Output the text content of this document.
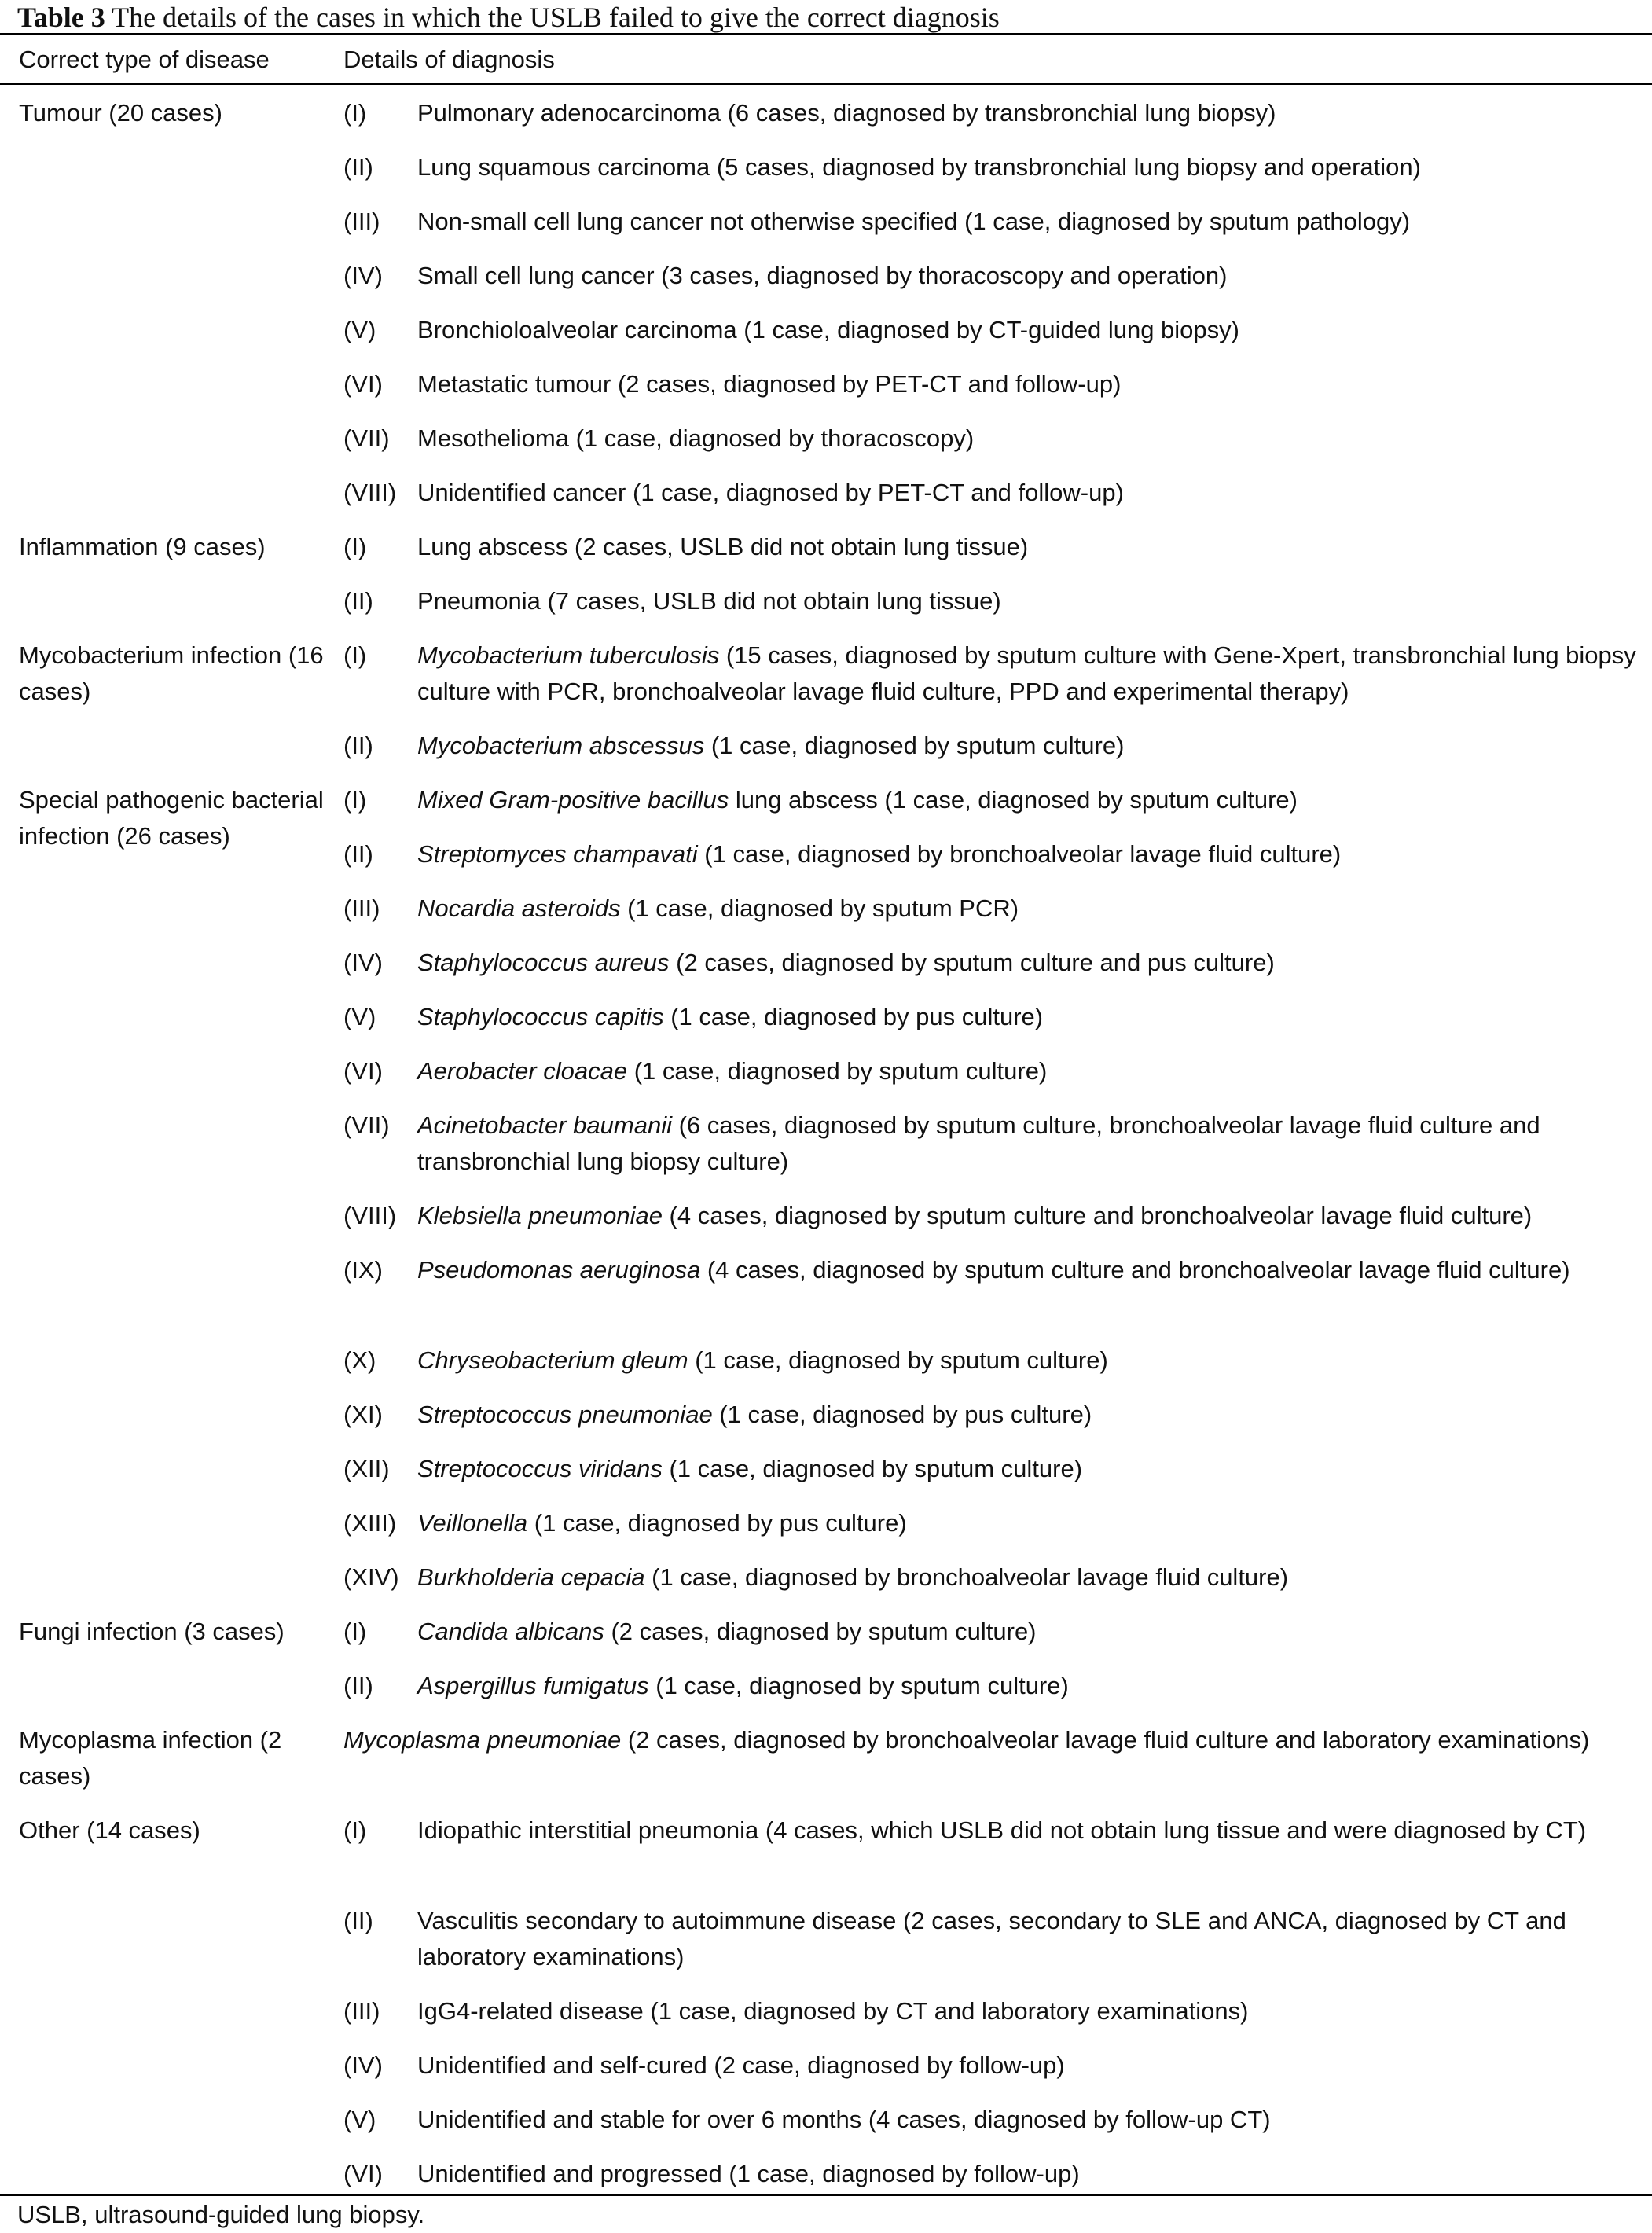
Table 3 The details of the cases in which the USLB failed to give the correct diagnosis
Correct type of disease	Details of diagnosis
Tumour (20 cases)	(I)	Pulmonary adenocarcinoma (6 cases, diagnosed by transbronchial lung biopsy)
(II)	Lung squamous carcinoma (5 cases, diagnosed by transbronchial lung biopsy and operation)
(III)	Non-small cell lung cancer not otherwise specified (1 case, diagnosed by sputum pathology)
(IV)	Small cell lung cancer (3 cases, diagnosed by thoracoscopy and operation)
(V)	Bronchioloalveolar carcinoma (1 case, diagnosed by CT-guided lung biopsy)
(VI)	Metastatic tumour (2 cases, diagnosed by PET-CT and follow-up)
(VII)	Mesothelioma (1 case, diagnosed by thoracoscopy)
(VIII) Unidentified cancer (1 case, diagnosed by PET-CT and follow-up)
Inflammation (9 cases)	(I)	Lung abscess (2 cases, USLB did not obtain lung tissue)
(II)	Pneumonia (7 cases, USLB did not obtain lung tissue)
Mycobacterium infection (16 cases)
(I)	Mycobacterium tuberculosis (15 cases, diagnosed by sputum culture with Gene-Xpert, transbronchial lung biopsy culture with PCR, bronchoalveolar lavage fluid culture, PPD and experimental therapy)
(II)	Mycobacterium abscessus (1 case, diagnosed by sputum culture)
Special pathogenic bacterial infection (26 cases)
(I)	Mixed Gram-positive bacillus lung abscess (1 case, diagnosed by sputum culture)
(II)	Streptomyces champavati (1 case, diagnosed by bronchoalveolar lavage fluid culture)
(III)	Nocardia asteroids (1 case, diagnosed by sputum PCR)
(IV)	Staphylococcus aureus (2 cases, diagnosed by sputum culture and pus culture)
(V)	Staphylococcus capitis (1 case, diagnosed by pus culture)
(VI)	Aerobacter cloacae (1 case, diagnosed by sputum culture)
(VII)	Acinetobacter baumanii (6 cases, diagnosed by sputum culture, bronchoalveolar lavage fluid culture and transbronchial lung biopsy culture)
(VIII) Klebsiella pneumoniae (4 cases, diagnosed by sputum culture and bronchoalveolar lavage fluid culture)
(IX)	Pseudomonas aeruginosa (4 cases, diagnosed by sputum culture and bronchoalveolar lavage fluid culture)
(X)	Chryseobacterium gleum (1 case, diagnosed by sputum culture)
(XI)	Streptococcus pneumoniae (1 case, diagnosed by pus culture)
(XII)	Streptococcus viridans (1 case, diagnosed by sputum culture)
(XIII) Veillonella (1 case, diagnosed by pus culture)
(XIV) Burkholderia cepacia (1 case, diagnosed by bronchoalveolar lavage fluid culture)
Fungi infection (3 cases)	(I)	Candida albicans (2 cases, diagnosed by sputum culture)
(II)	Aspergillus fumigatus (1 case, diagnosed by sputum culture)
Mycoplasma infection (2 cases)
Mycoplasma pneumoniae (2 cases, diagnosed by bronchoalveolar lavage fluid culture and laboratory examinations)
Other (14 cases)	(I)	Idiopathic interstitial pneumonia (4 cases, which USLB did not obtain lung tissue and were diagnosed by CT)
(II)	Vasculitis secondary to autoimmune disease (2 cases, secondary to SLE and ANCA, diagnosed by CT and laboratory examinations)
(III)	IgG4-related disease (1 case, diagnosed by CT and laboratory examinations)
(IV)	Unidentified and self-cured (2 case, diagnosed by follow-up)
(V)	Unidentified and stable for over 6 months (4 cases, diagnosed by follow-up CT)
(VI)	Unidentified and progressed (1 case, diagnosed by follow-up)
USLB, ultrasound-guided lung biopsy.
